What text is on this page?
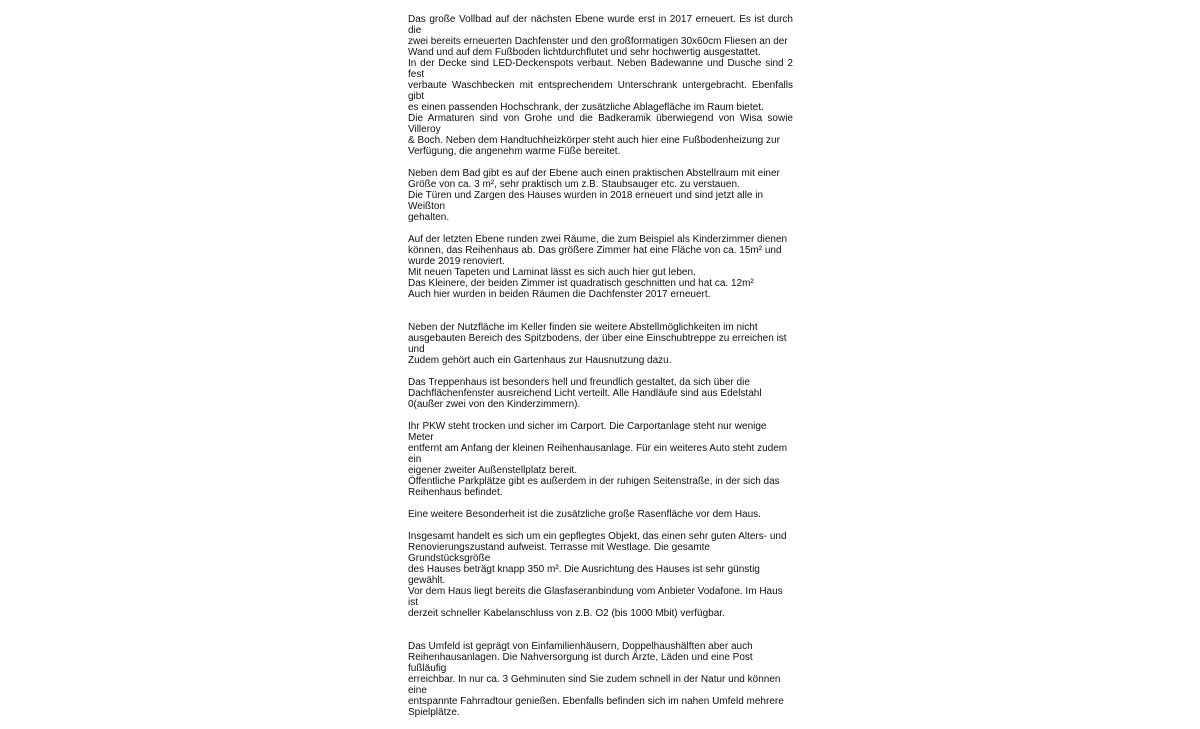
Das große Vollbad auf der nächsten Ebene wurde erst in 2017 erneuert. Es ist durch die
zwei bereits erneuerten Dachfenster und den großformatigen 30x60cm Fliesen an der
Wand und auf dem Fußboden lichtdurchflutet und sehr hochwertig ausgestattet.
In der Decke sind LED-Deckenspots verbaut. Neben Badewanne und Dusche sind 2 fest
verbaute Waschbecken mit entsprechendem Unterschrank untergebracht. Ebenfalls gibt
es einen passenden Hochschrank, der zusätzliche Ablagefläche im Raum bietet.
Die Armaturen sind von Grohe und die Badkeramik überwiegend von Wisa sowie Villeroy
& Boch. Neben dem Handtuchheizkörper steht auch hier eine Fußbodenheizung zur
Verfügung, die angenehm warme Füße bereitet.
Neben dem Bad gibt es auf der Ebene auch einen praktischen Abstellraum mit einer
Größe von ca. 3 m², sehr praktisch um z.B. Staubsauger etc. zu verstauen.
Die Türen und Zargen des Hauses wurden in 2018 erneuert und sind jetzt alle in Weißton
gehalten.
Auf der letzten Ebene runden zwei Räume, die zum Beispiel als Kinderzimmer dienen
können, das Reihenhaus ab. Das größere Zimmer hat eine Fläche von ca. 15m² und
wurde 2019 renoviert.
Mit neuen Tapeten und Laminat lässt es sich auch hier gut leben.
Das Kleinere, der beiden Zimmer ist quadratisch geschnitten und hat ca. 12m²
Auch hier wurden in beiden Räumen die Dachfenster 2017 erneuert.
Neben der Nutzfläche im Keller finden sie weitere Abstellmöglichkeiten im nicht
ausgebauten Bereich des Spitzbodens, der über eine Einschubtreppe zu erreichen ist und
Zudem gehört auch ein Gartenhaus zur Hausnutzung dazu.
Das Treppenhaus ist besonders hell und freundlich gestaltet, da sich über die
Dachflächenfenster ausreichend Licht verteilt. Alle Handläufe sind aus Edelstahl
0(außer zwei von den Kinderzimmern).
Ihr PKW steht trocken und sicher im Carport. Die Carportanlage steht nur wenige Meter
entfernt am Anfang der kleinen Reihenhausanlage. Für ein weiteres Auto steht zudem ein
eigener zweiter Außenstellplatz bereit.
Öffentliche Parkplätze gibt es außerdem in der ruhigen Seitenstraße, in der sich das
Reihenhaus befindet.
Eine weitere Besonderheit ist die zusätzliche große Rasenfläche vor dem Haus.
Insgesamt handelt es sich um ein gepflegtes Objekt, das einen sehr guten Alters- und
Renovierungszustand aufweist. Terrasse mit Westlage. Die gesamte Grundstücksgröße
des Hauses beträgt knapp 350 m². Die Ausrichtung des Hauses ist sehr günstig gewählt.
Vor dem Haus liegt bereits die Glasfaseranbindung vom Anbieter Vodafone. Im Haus ist
derzeit schneller Kabelanschluss von z.B. O2 (bis 1000 Mbit) verfügbar.
Das Umfeld ist geprägt von Einfamilienhäusern, Doppelhaushälften aber auch
Reihenhausanlagen. Die Nahversorgung ist durch Ärzte, Läden und eine Post fußläufig
erreichbar. In nur ca. 3 Gehminuten sind Sie zudem schnell in der Natur und können eine
entspannte Fahrradtour genießen. Ebenfalls befinden sich im nahen Umfeld mehrere
Spielplätze.
